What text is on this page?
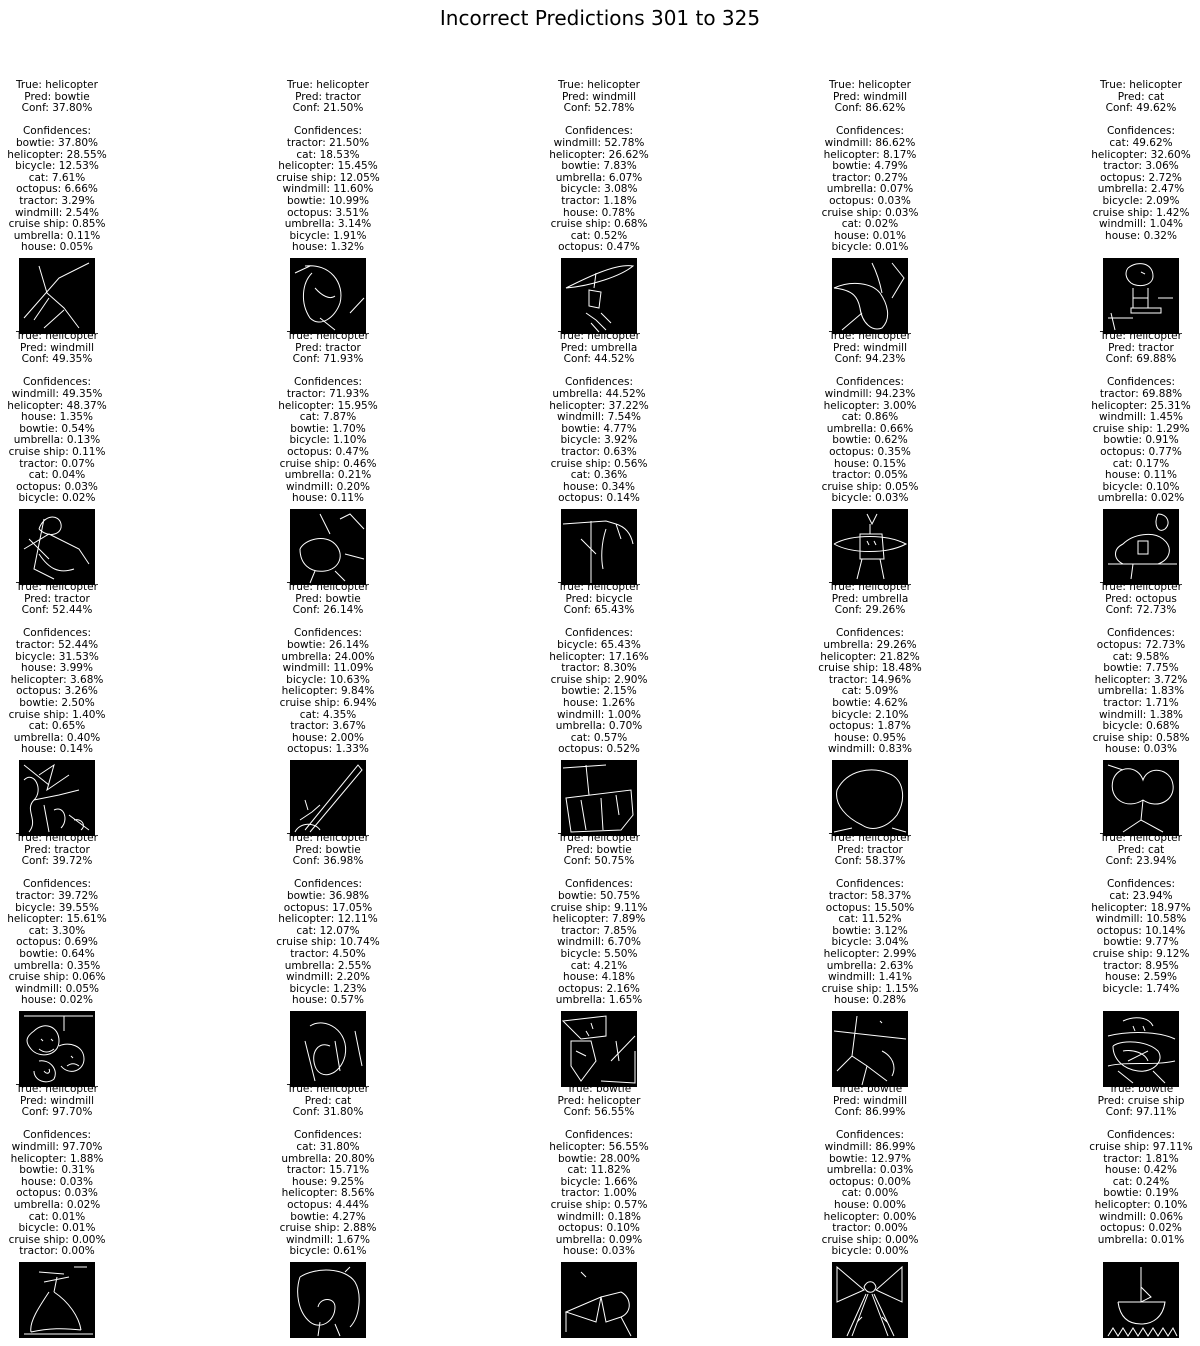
Incorrect Predictions 301 to 325
True: helicopter
Pred: bowtie
Conf: 37.80%

Confidences:
bowtie: 37.80%
helicopter: 28.55%
bicycle: 12.53%
cat: 7.61%
octopus: 6.66%
tractor: 3.29%
windmill: 2.54%
cruise ship: 0.85%
umbrella: 0.11%
house: 0.05%
True: helicopter
Pred: tractor
Conf: 21.50%

Confidences:
tractor: 21.50%
cat: 18.53%
helicopter: 15.45%
cruise ship: 12.05%
windmill: 11.60%
bowtie: 10.99%
octopus: 3.51%
umbrella: 3.14%
bicycle: 1.91%
house: 1.32%
True: helicopter
Pred: windmill
Conf: 52.78%

Confidences:
windmill: 52.78%
helicopter: 26.62%
bowtie: 7.83%
umbrella: 6.07%
bicycle: 3.08%
tractor: 1.18%
house: 0.78%
cruise ship: 0.68%
cat: 0.52%
octopus: 0.47%
True: helicopter
Pred: windmill
Conf: 86.62%

Confidences:
windmill: 86.62%
helicopter: 8.17%
bowtie: 4.79%
tractor: 0.27%
umbrella: 0.07%
octopus: 0.03%
cruise ship: 0.03%
cat: 0.02%
house: 0.01%
bicycle: 0.01%
True: helicopter
Pred: cat
Conf: 49.62%

Confidences:
cat: 49.62%
helicopter: 32.60%
tractor: 3.06%
octopus: 2.72%
umbrella: 2.47%
bicycle: 2.09%
cruise ship: 1.42%
windmill: 1.04%
house: 0.32%
True: helicopter
Pred: windmill
Conf: 49.35%

Confidences:
windmill: 49.35%
helicopter: 48.37%
house: 1.35%
bowtie: 0.54%
umbrella: 0.13%
cruise ship: 0.11%
tractor: 0.07%
cat: 0.04%
octopus: 0.03%
bicycle: 0.02%
True: helicopter
Pred: tractor
Conf: 71.93%

Confidences:
tractor: 71.93%
helicopter: 15.95%
cat: 7.87%
bowtie: 1.70%
bicycle: 1.10%
octopus: 0.47%
cruise ship: 0.46%
umbrella: 0.21%
windmill: 0.20%
house: 0.11%
True: helicopter
Pred: umbrella
Conf: 44.52%

Confidences:
umbrella: 44.52%
helicopter: 37.22%
windmill: 7.54%
bowtie: 4.77%
bicycle: 3.92%
tractor: 0.63%
cruise ship: 0.56%
cat: 0.36%
house: 0.34%
octopus: 0.14%
True: helicopter
Pred: windmill
Conf: 94.23%

Confidences:
windmill: 94.23%
helicopter: 3.00%
cat: 0.86%
umbrella: 0.66%
bowtie: 0.62%
octopus: 0.35%
house: 0.15%
tractor: 0.05%
cruise ship: 0.05%
bicycle: 0.03%
True: helicopter
Pred: tractor
Conf: 69.88%

Confidences:
tractor: 69.88%
helicopter: 25.31%
windmill: 1.45%
cruise ship: 1.29%
bowtie: 0.91%
octopus: 0.77%
cat: 0.17%
house: 0.11%
bicycle: 0.10%
umbrella: 0.02%
True: helicopter
Pred: tractor
Conf: 52.44%

Confidences:
tractor: 52.44%
bicycle: 31.53%
house: 3.99%
helicopter: 3.68%
octopus: 3.26%
bowtie: 2.50%
cruise ship: 1.40%
cat: 0.65%
umbrella: 0.40%
house: 0.14%
True: helicopter
Pred: bowtie
Conf: 26.14%

Confidences:
bowtie: 26.14%
umbrella: 24.00%
windmill: 11.09%
bicycle: 10.63%
helicopter: 9.84%
cruise ship: 6.94%
cat: 4.35%
tractor: 3.67%
house: 2.00%
octopus: 1.33%
True: helicopter
Pred: bicycle
Conf: 65.43%

Confidences:
bicycle: 65.43%
helicopter: 17.16%
tractor: 8.30%
cruise ship: 2.90%
bowtie: 2.15%
house: 1.26%
windmill: 1.00%
umbrella: 0.70%
cat: 0.57%
octopus: 0.52%
True: helicopter
Pred: umbrella
Conf: 29.26%

Confidences:
umbrella: 29.26%
helicopter: 21.82%
cruise ship: 18.48%
tractor: 14.96%
cat: 5.09%
bowtie: 4.62%
bicycle: 2.10%
octopus: 1.87%
house: 0.95%
windmill: 0.83%
True: helicopter
Pred: octopus
Conf: 72.73%

Confidences:
octopus: 72.73%
cat: 9.58%
bowtie: 7.75%
helicopter: 3.72%
umbrella: 1.83%
tractor: 1.71%
windmill: 1.38%
bicycle: 0.68%
cruise ship: 0.58%
house: 0.03%
True: helicopter
Pred: tractor
Conf: 39.72%

Confidences:
tractor: 39.72%
bicycle: 39.55%
helicopter: 15.61%
cat: 3.30%
octopus: 0.69%
bowtie: 0.64%
umbrella: 0.35%
cruise ship: 0.06%
windmill: 0.05%
house: 0.02%
True: helicopter
Pred: bowtie
Conf: 36.98%

Confidences:
bowtie: 36.98%
octopus: 17.05%
helicopter: 12.11%
cat: 12.07%
cruise ship: 10.74%
tractor: 4.50%
umbrella: 2.55%
windmill: 2.20%
bicycle: 1.23%
house: 0.57%
True: helicopter
Pred: bowtie
Conf: 50.75%

Confidences:
bowtie: 50.75%
cruise ship: 9.11%
helicopter: 7.89%
tractor: 7.85%
windmill: 6.70%
bicycle: 5.50%
cat: 4.21%
house: 4.18%
octopus: 2.16%
umbrella: 1.65%
True: helicopter
Pred: tractor
Conf: 58.37%

Confidences:
tractor: 58.37%
octopus: 15.50%
cat: 11.52%
bowtie: 3.12%
bicycle: 3.04%
helicopter: 2.99%
umbrella: 2.63%
windmill: 1.41%
cruise ship: 1.15%
house: 0.28%
True: helicopter
Pred: cat
Conf: 23.94%

Confidences:
cat: 23.94%
helicopter: 18.97%
windmill: 10.58%
octopus: 10.14%
bowtie: 9.77%
cruise ship: 9.12%
tractor: 8.95%
house: 2.59%
bicycle: 1.74%
True: helicopter
Pred: windmill
Conf: 97.70%

Confidences:
windmill: 97.70%
helicopter: 1.88%
bowtie: 0.31%
house: 0.03%
octopus: 0.03%
umbrella: 0.02%
cat: 0.01%
bicycle: 0.01%
cruise ship: 0.00%
tractor: 0.00%
True: helicopter
Pred: cat
Conf: 31.80%

Confidences:
cat: 31.80%
umbrella: 20.80%
tractor: 15.71%
house: 9.25%
helicopter: 8.56%
octopus: 4.44%
bowtie: 4.27%
cruise ship: 2.88%
windmill: 1.67%
bicycle: 0.61%
True: bowtie
Pred: helicopter
Conf: 56.55%

Confidences:
helicopter: 56.55%
bowtie: 28.00%
cat: 11.82%
bicycle: 1.66%
tractor: 1.00%
cruise ship: 0.57%
windmill: 0.18%
octopus: 0.10%
umbrella: 0.09%
house: 0.03%
True: bowtie
Pred: windmill
Conf: 86.99%

Confidences:
windmill: 86.99%
bowtie: 12.97%
umbrella: 0.03%
octopus: 0.00%
cat: 0.00%
house: 0.00%
helicopter: 0.00%
tractor: 0.00%
cruise ship: 0.00%
bicycle: 0.00%
True: bowtie
Pred: cruise ship
Conf: 97.11%

Confidences:
cruise ship: 97.11%
tractor: 1.81%
house: 0.42%
cat: 0.24%
bowtie: 0.19%
helicopter: 0.10%
windmill: 0.06%
octopus: 0.02%
umbrella: 0.01%
